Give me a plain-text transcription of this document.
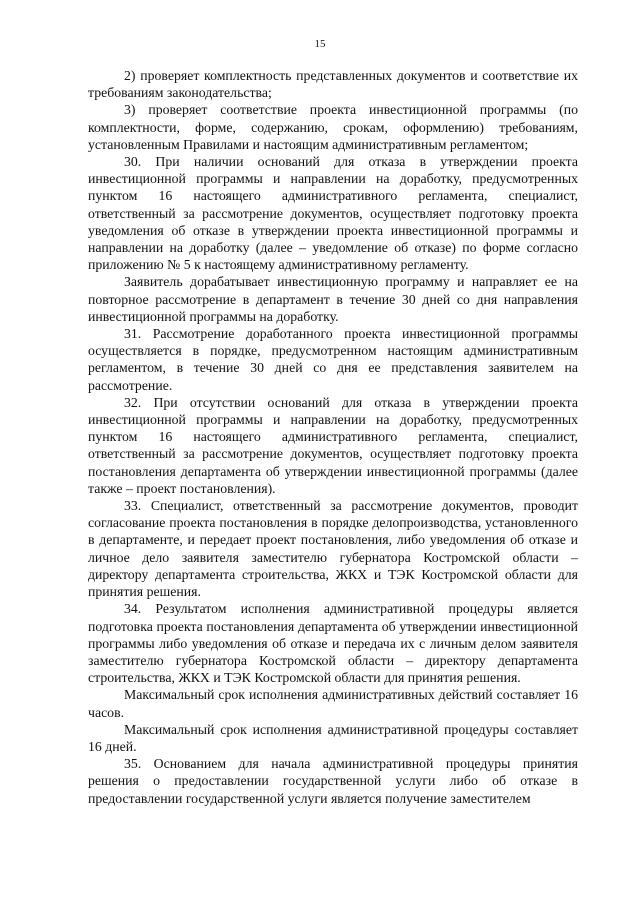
15

2) проверяет комплектность представленных документов и соответствие их требованиям законодательства;

3) проверяет соответствие проекта инвестиционной программы (по комплектности, форме, содержанию, срокам, оформлению) требованиям, установленным Правилами и настоящим административным регламентом;

30. При наличии оснований для отказа в утверждении проекта инвестиционной программы и направлении на доработку, предусмотренных пунктом 16 настоящего административного регламента, специалист, ответственный за рассмотрение документов, осуществляет подготовку проекта уведомления об отказе в утверждении проекта инвестиционной программы и направлении на доработку (далее – уведомление об отказе) по форме согласно приложению № 5 к настоящему административному регламенту.

Заявитель дорабатывает инвестиционную программу и направляет ее на повторное рассмотрение в департамент в течение 30 дней со дня направления инвестиционной программы на доработку.

31. Рассмотрение доработанного проекта инвестиционной программы осуществляется в порядке, предусмотренном настоящим административным регламентом, в течение 30 дней со дня ее представления заявителем на рассмотрение.

32. При отсутствии оснований для отказа в утверждении проекта инвестиционной программы и направлении на доработку, предусмотренных пунктом 16 настоящего административного регламента, специалист, ответственный за рассмотрение документов, осуществляет подготовку проекта постановления департамента об утверждении инвестиционной программы (далее также – проект постановления).

33. Специалист, ответственный за рассмотрение документов, проводит согласование проекта постановления в порядке делопроизводства, установленного в департаменте, и передает проект постановления, либо уведомления об отказе и личное дело заявителя заместителю губернатора Костромской области – директору департамента строительства, ЖКХ и ТЭК Костромской области для принятия решения.

34. Результатом исполнения административной процедуры является подготовка проекта постановления департамента об утверждении инвестиционной программы либо уведомления об отказе и передача их с личным делом заявителя заместителю губернатора Костромской области – директору департамента строительства, ЖКХ и ТЭК Костромской области для принятия решения.

Максимальный срок исполнения административных действий составляет 16 часов.

Максимальный срок исполнения административной процедуры составляет 16 дней.

35. Основанием для начала административной процедуры принятия решения о предоставлении государственной услуги либо об отказе в предоставлении государственной услуги является получение заместителем
